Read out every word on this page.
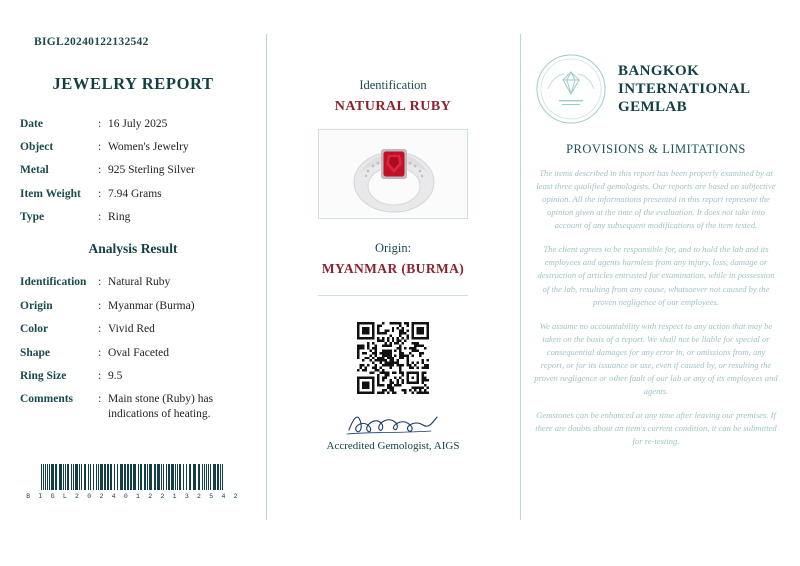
BIGL20240122132542
JEWELRY REPORT
Date	:	16 July 2025
Object	:	Women's Jewelry
Metal	:	925 Sterling Silver
Item Weight	:	7.94 Grams
Type	:	Ring
Analysis Result
Identification	:	Natural Ruby
Origin	:	Myanmar (Burma)
Color	:	Vivid Red
Shape	:	Oval Faceted
Ring Size	:	9.5
Comments	:	Main stone (Ruby) has indications of heating.
B I G L 2 0 2 4 0 1 2 2 1 3 2 5 4 2
Identification
NATURAL RUBY
Origin:
MYANMAR (BURMA)
Accredited Gemologist, AIGS
BANGKOK
INTERNATIONAL
GEMLAB
PROVISIONS & LIMITATIONS
The items described in this report has been properly examined by at least three qualified gemologists. Our reports are based on subjective opinion. All the informations presented in this report represent the opinion given at the time of the evaluation. It does not take into account of any subsequent modifications of the item tested.
The client agrees to be responsible for, and to hold the lab and its employees and agents harmless from any injury, loss, damage or destruction of articles entrusted for examination, while in possession of the lab, resulting from any cause, whatsoever not caused by the proven negligence of our employees.
We assume no accountability with respect to any action that may be taken on the basis of a report. We shall not be liable for special or consequential damages for any error in, or omissions from, any report, or for its issuance or use, even if caused by, or resulting the proven negligence or other fault of our lab or any of its employees and agents.
Gemstones can be enhanced at any time after leaving our premises. If there are doubts about an item's current condition, it can be submitted for re-testing.
